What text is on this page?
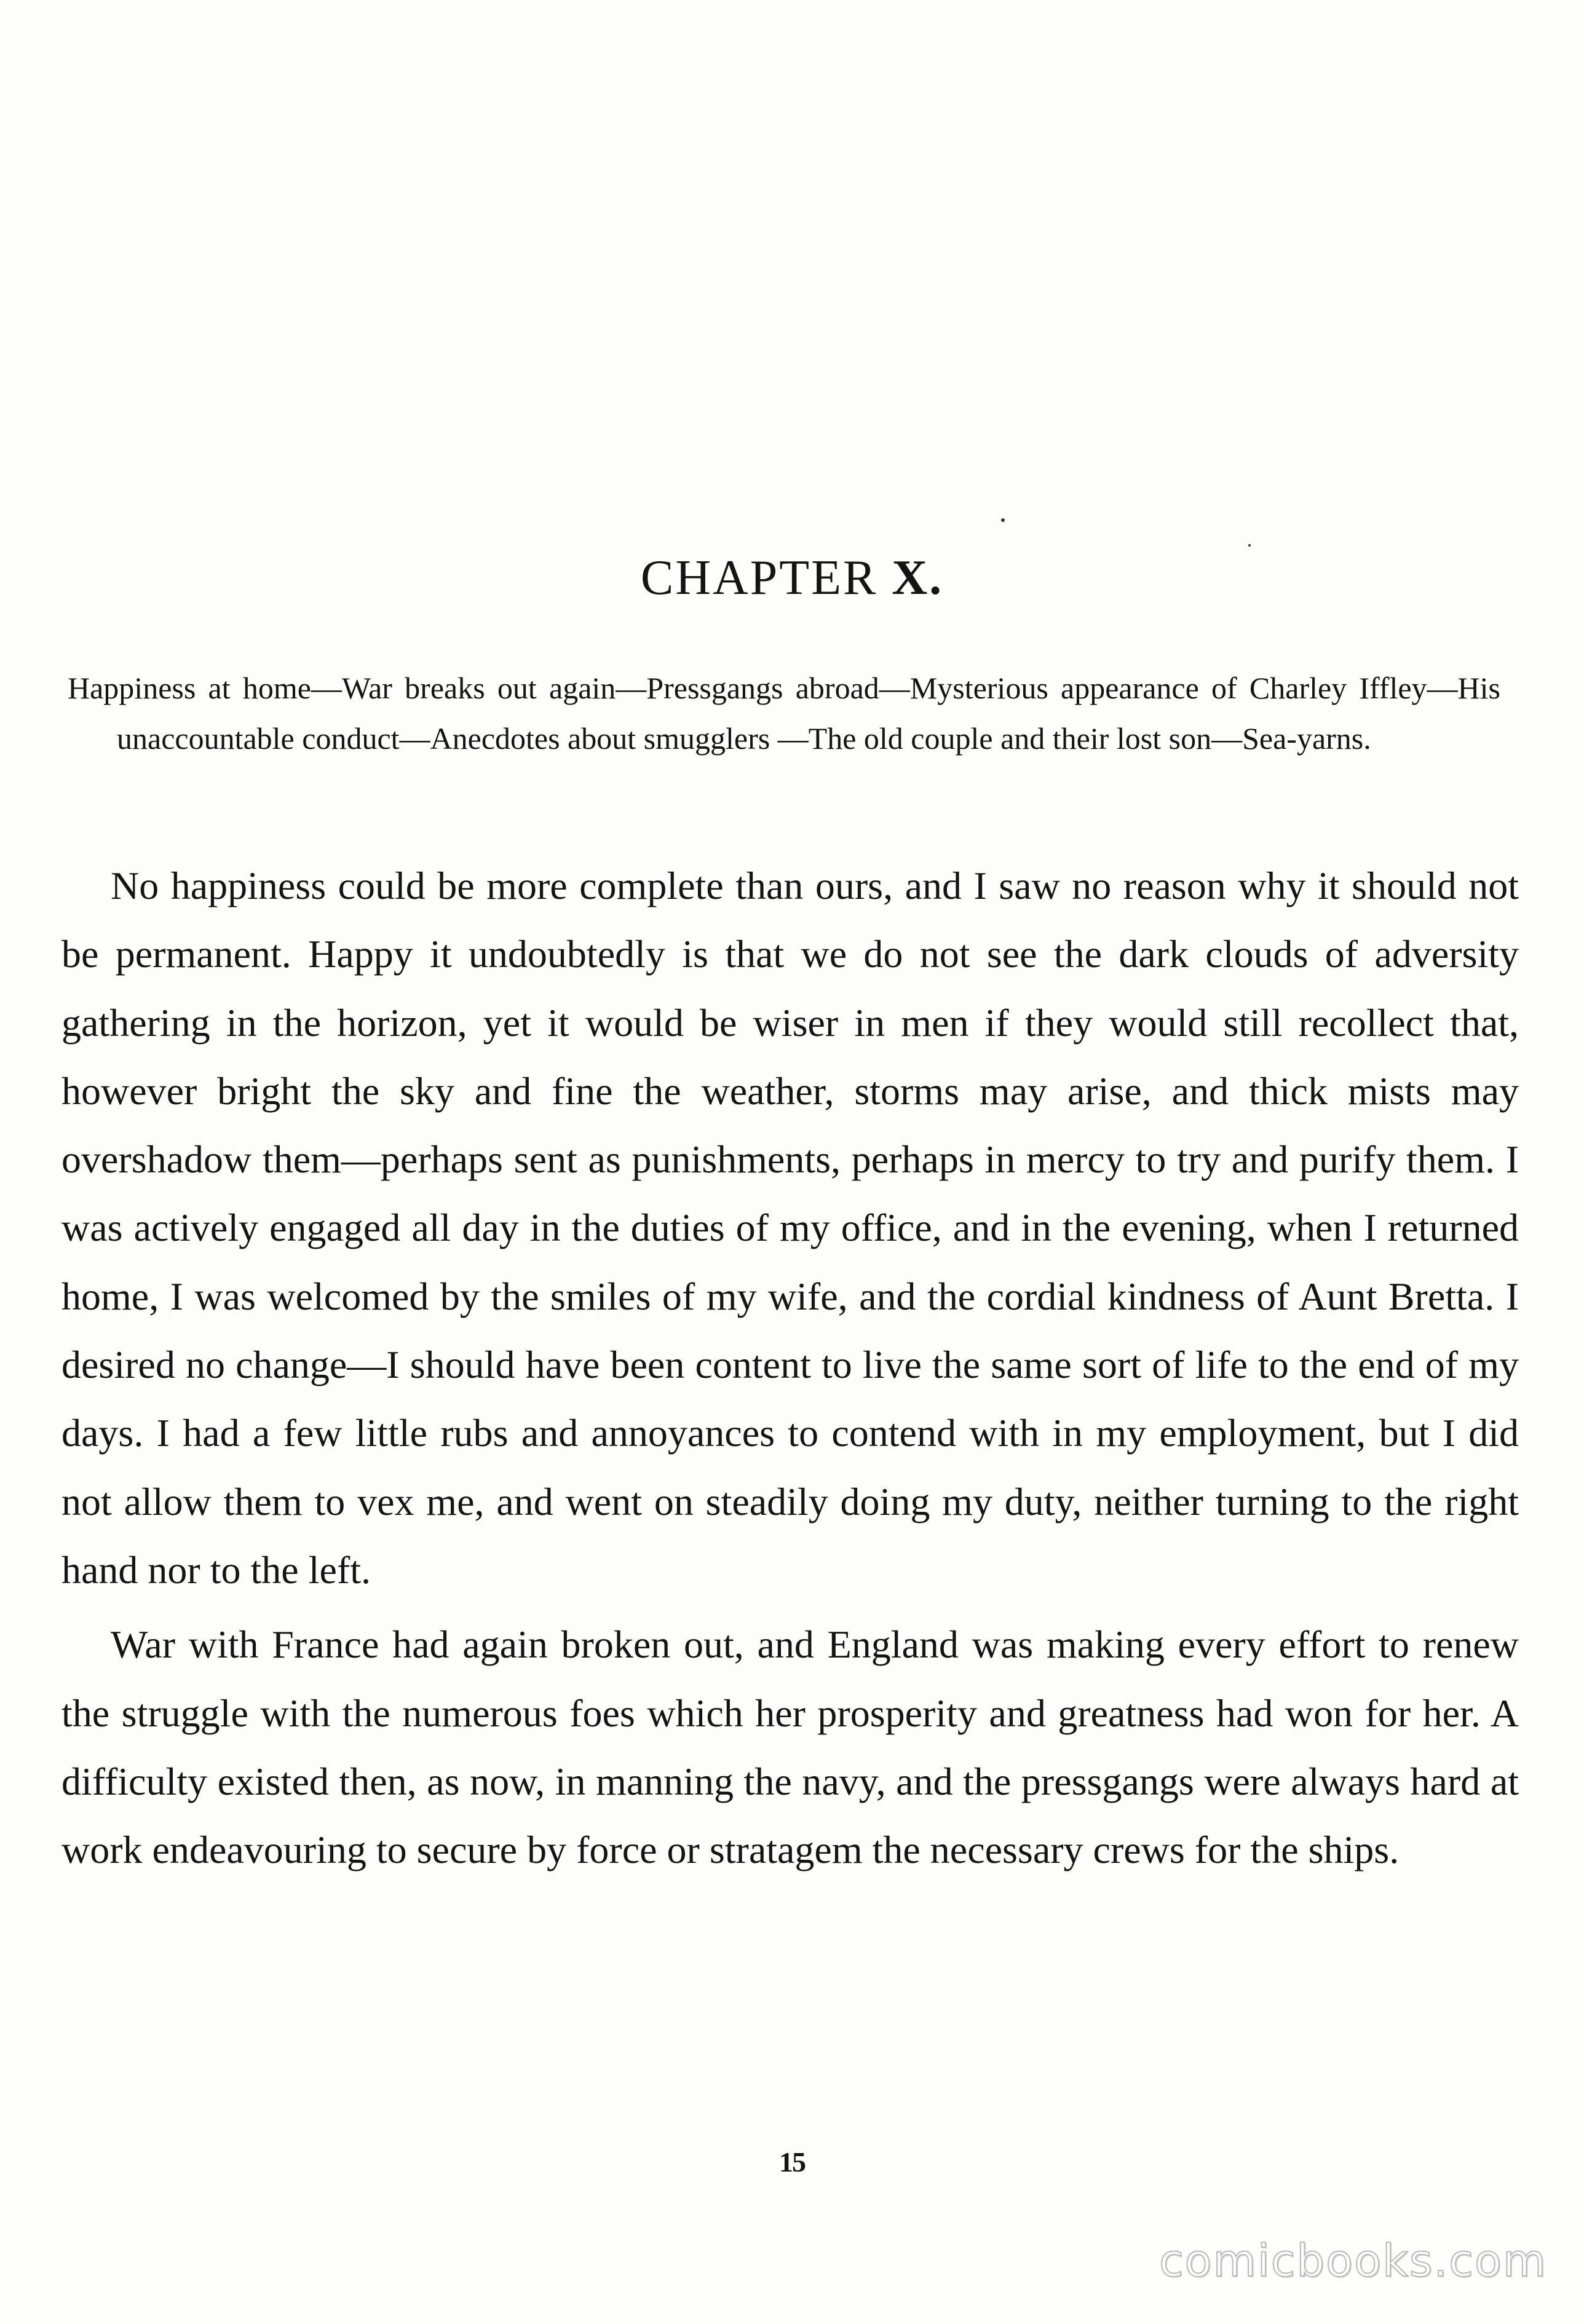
CHAPTER X.
Happiness at home—War breaks out again—Pressgangs abroad—Mysterious appearance of Charley Iffley—His unaccountable conduct—Anecdotes about smugglers —The old couple and their lost son—Sea-yarns.

No happiness could be more complete than ours, and I saw no reason why it should not be permanent. Happy it undoubtedly is that we do not see the dark clouds of adversity gathering in the horizon, yet it would be wiser in men if they would still recollect that, however bright the sky and fine the weather, storms may arise, and thick mists may overshadow them—perhaps sent as punishments, perhaps in mercy to try and purify them. I was actively engaged all day in the duties of my office, and in the evening, when I returned home, I was welcomed by the smiles of my wife, and the cordial kindness of Aunt Bretta. I desired no change—I should have been content to live the same sort of life to the end of my days. I had a few little rubs and annoyances to contend with in my employment, but I did not allow them to vex me, and went on steadily doing my duty, neither turning to the right hand nor to the left.

War with France had again broken out, and England was making every effort to renew the struggle with the numerous foes which her prosperity and greatness had won for her. A difficulty existed then, as now, in manning the navy, and the pressgangs were always hard at work endeavouring to secure by force or stratagem the necessary crews for the ships.

15
comicbooks.com
